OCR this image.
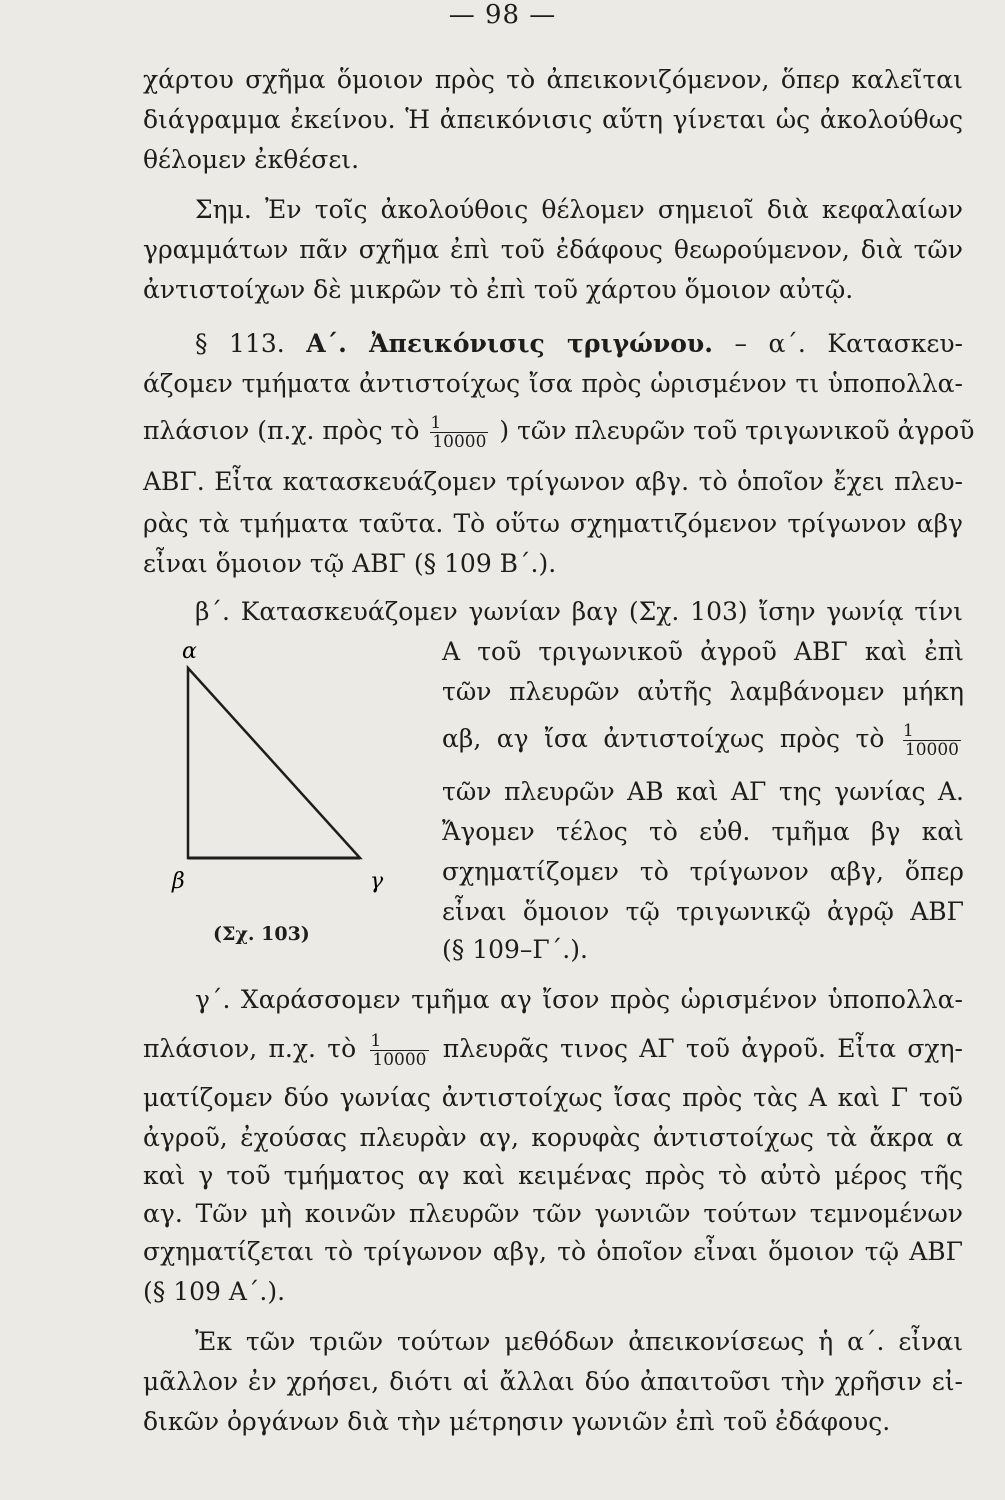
— 98 —
χάρτου σχῆμα ὅμοιον πρὸς τὸ ἀπεικονιζόμενον, ὅπερ καλεῖται
διάγραμμα ἐκείνου. Ἡ ἀπεικόνισις αὕτη γίνεται ὡς ἀκολούθως
θέλομεν ἐκθέσει.
Σημ. Ἐν τοῖς ἀκολούθοις θέλομεν σημειοῖ διὰ κεφαλαίων
γραμμάτων πᾶν σχῆμα ἐπὶ τοῦ ἐδάφους θεωρούμενον, διὰ τῶν
ἀντιστοίχων δὲ μικρῶν τὸ ἐπὶ τοῦ χάρτου ὅμοιον αὐτῷ.
§ 113. Α΄. Ἀπεικόνισις τριγώνου. – α΄. Κατασκευ-
άζομεν τμήματα ἀντιστοίχως ἴσα πρὸς ὡρισμένον τι ὑποπολλα-
πλάσιον (π.χ. πρὸς τὸ $\frac{1}{10000}$ ) τῶν πλευρῶν τοῦ τριγωνικοῦ ἀγροῦ
ΑΒΓ. Εἶτα κατασκευάζομεν τρίγωνον αβγ. τὸ ὁποῖον ἔχει πλευ-
ρὰς τὰ τμήματα ταῦτα. Τὸ οὕτω σχηματιζόμενον τρίγωνον αβγ
εἶναι ὅμοιον τῷ ΑΒΓ (§ 109 Β΄.).
β΄. Κατασκευάζομεν γωνίαν βαγ (Σχ. 103) ἴσην γωνίᾳ τίνι
α
β	γ
(Σχ. 103)
Α τοῦ τριγωνικοῦ ἀγροῦ ΑΒΓ καὶ ἐπὶ
τῶν πλευρῶν αὐτῆς λαμβάνομεν μήκη
αβ, αγ ἴσα ἀντιστοίχως πρὸς τὸ $\frac{1}{10000}$
τῶν πλευρῶν ΑΒ καὶ ΑΓ της γωνίας Α.
Ἄγομεν τέλος τὸ εὐθ. τμῆμα βγ καὶ
σχηματίζομεν τὸ τρίγωνον αβγ, ὅπερ
εἶναι ὅμοιον τῷ τριγωνικῷ ἀγρῷ ΑΒΓ
(§ 109–Γ΄.).
γ΄. Χαράσσομεν τμῆμα αγ ἴσον πρὸς ὡρισμένον ὑποπολλα-
πλάσιον, π.χ. τὸ $\frac{1}{10000}$ πλευρᾶς τινος ΑΓ τοῦ ἀγροῦ. Εἶτα σχη-
ματίζομεν δύο γωνίας ἀντιστοίχως ἴσας πρὸς τὰς Α καὶ Γ τοῦ
ἀγροῦ, ἐχούσας πλευρὰν αγ, κορυφὰς ἀντιστοίχως τὰ ἄκρα α
καὶ γ τοῦ τμήματος αγ καὶ κειμένας πρὸς τὸ αὐτὸ μέρος τῆς
αγ. Τῶν μὴ κοινῶν πλευρῶν τῶν γωνιῶν τούτων τεμνομένων
σχηματίζεται τὸ τρίγωνον αβγ, τὸ ὁποῖον εἶναι ὅμοιον τῷ ΑΒΓ
(§ 109 Α΄.).
Ἐκ τῶν τριῶν τούτων μεθόδων ἀπεικονίσεως ἡ α΄. εἶναι
μᾶλλον ἐν χρήσει, διότι αἱ ἄλλαι δύο ἀπαιτοῦσι τὴν χρῆσιν εἰ-
δικῶν ὀργάνων διὰ τὴν μέτρησιν γωνιῶν ἐπὶ τοῦ ἐδάφους.
